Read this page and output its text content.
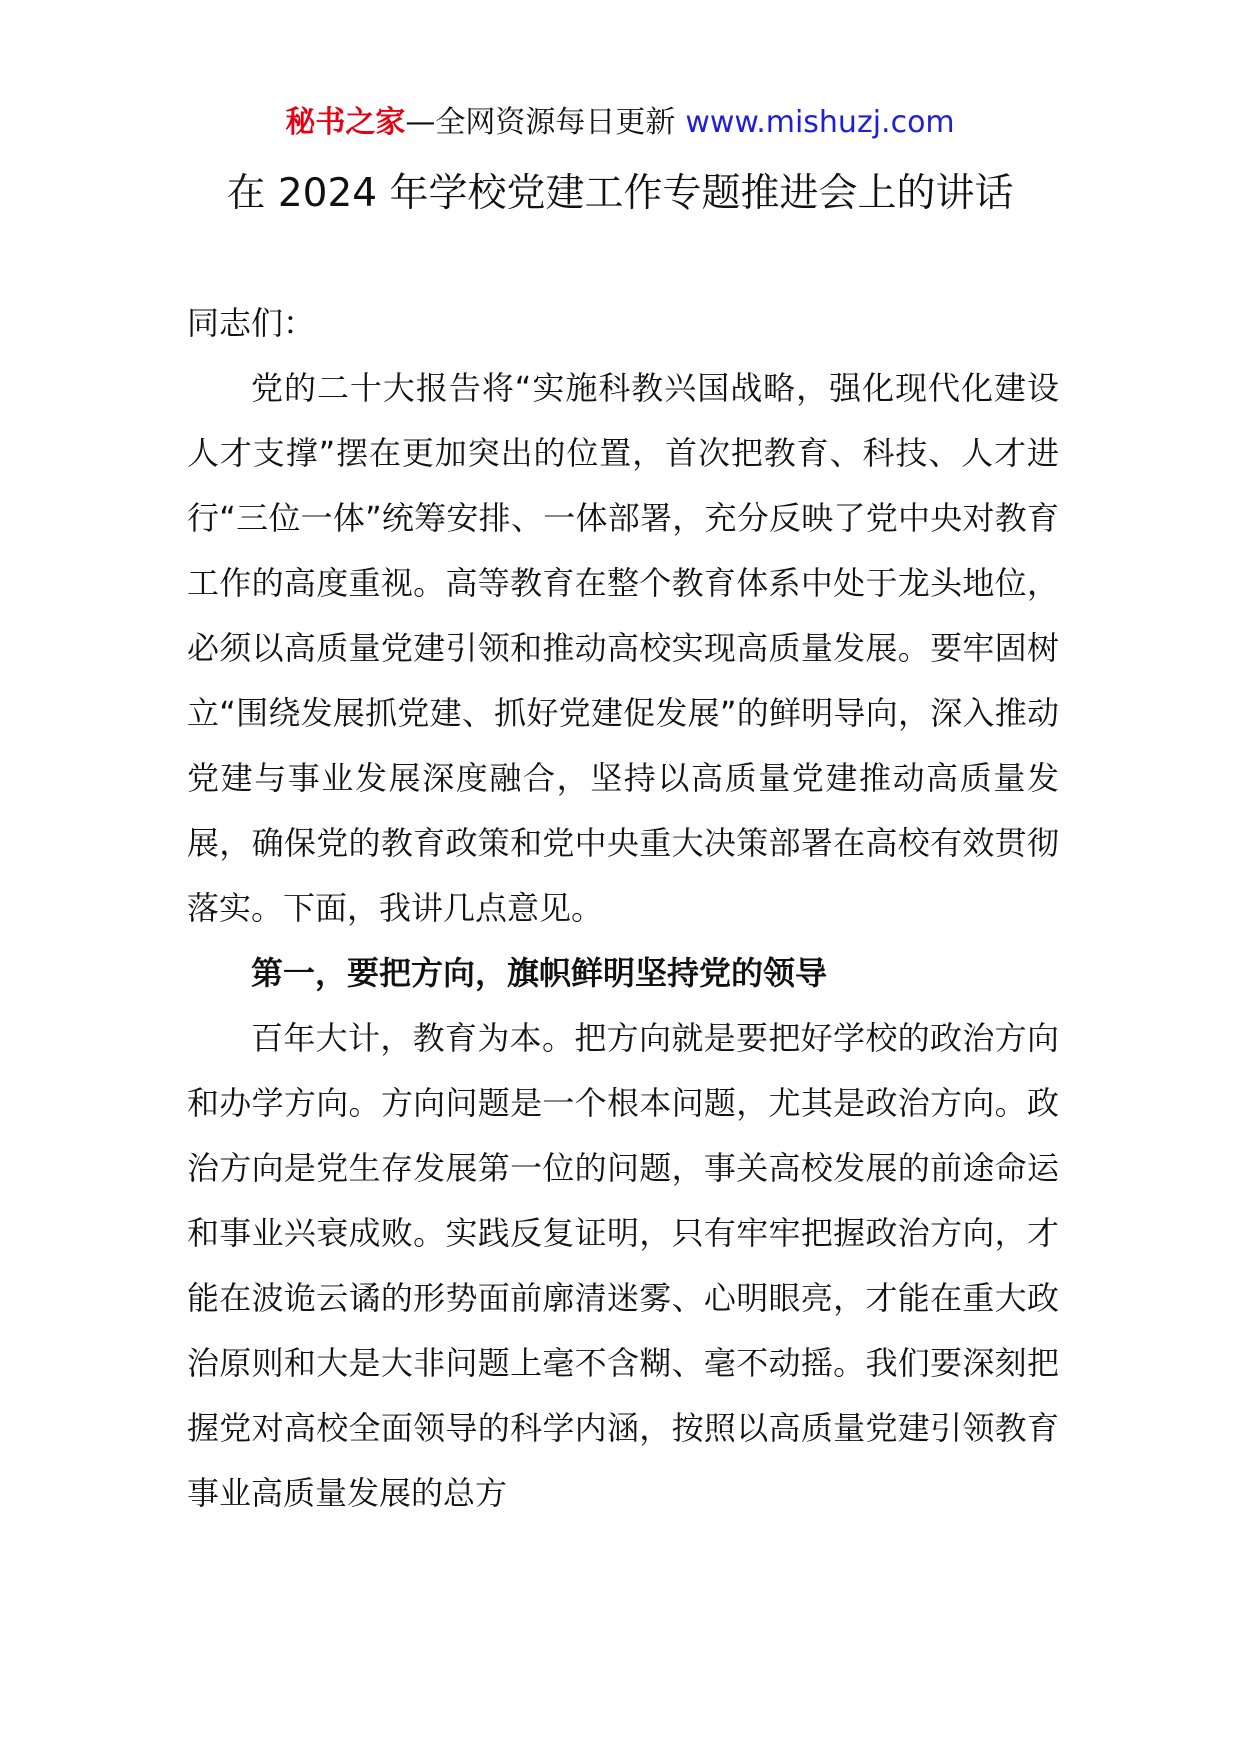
秘书之家—全网资源每日更新 www.mishuzj.com
在 2024 年学校党建工作专题推进会上的讲话

同志们：

党的二十大报告将“实施科教兴国战略，强化现代化建设人才支撑”摆在更加突出的位置，首次把教育、科技、人才进行“三位一体”统筹安排、一体部署，充分反映了党中央对教育工作的高度重视。高等教育在整个教育体系中处于龙头地位，必须以高质量党建引领和推动高校实现高质量发展。要牢固树立“围绕发展抓党建、抓好党建促发展”的鲜明导向，深入推动党建与事业发展深度融合，坚持以高质量党建推动高质量发展，确保党的教育政策和党中央重大决策部署在高校有效贯彻落实。下面，我讲几点意见。

第一，要把方向，旗帜鲜明坚持党的领导

百年大计，教育为本。把方向就是要把好学校的政治方向和办学方向。方向问题是一个根本问题，尤其是政治方向。政治方向是党生存发展第一位的问题，事关高校发展的前途命运和事业兴衰成败。实践反复证明，只有牢牢把握政治方向，才能在波诡云谲的形势面前廓清迷雾、心明眼亮，才能在重大政治原则和大是大非问题上毫不含糊、毫不动摇。我们要深刻把握党对高校全面领导的科学内涵，按照以高质量党建引领教育事业高质量发展的总方
